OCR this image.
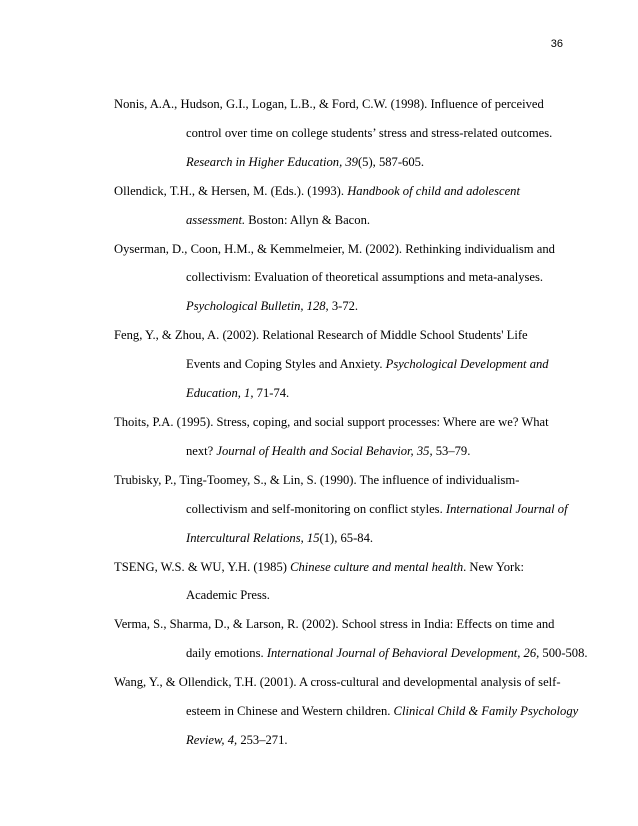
36
Nonis, A.A., Hudson, G.I., Logan, L.B., & Ford, C.W. (1998). Influence of perceived
control over time on college students’ stress and stress-related outcomes.
Research in Higher Education, 39(5), 587-605.
Ollendick, T.H., & Hersen, M. (Eds.). (1993). Handbook of child and adolescent
assessment. Boston: Allyn & Bacon.
Oyserman, D., Coon, H.M., & Kemmelmeier, M. (2002). Rethinking individualism and
collectivism: Evaluation of theoretical assumptions and meta-analyses.
Psychological Bulletin, 128, 3-72.
Feng, Y., & Zhou, A. (2002). Relational Research of Middle School Students' Life
Events and Coping Styles and Anxiety. Psychological Development and
Education, 1, 71-74.
Thoits, P.A. (1995). Stress, coping, and social support processes: Where are we? What
next? Journal of Health and Social Behavior, 35, 53–79.
Trubisky, P., Ting-Toomey, S., & Lin, S. (1990). The influence of individualism-
collectivism and self-monitoring on conflict styles. International Journal of
Intercultural Relations, 15(1), 65-84.
TSENG, W.S. & WU, Y.H. (1985) Chinese culture and mental health. New York:
Academic Press.
Verma, S., Sharma, D., & Larson, R. (2002). School stress in India: Effects on time and
daily emotions. International Journal of Behavioral Development, 26, 500-508.
Wang, Y., & Ollendick, T.H. (2001). A cross-cultural and developmental analysis of self-
esteem in Chinese and Western children. Clinical Child & Family Psychology
Review, 4, 253–271.
